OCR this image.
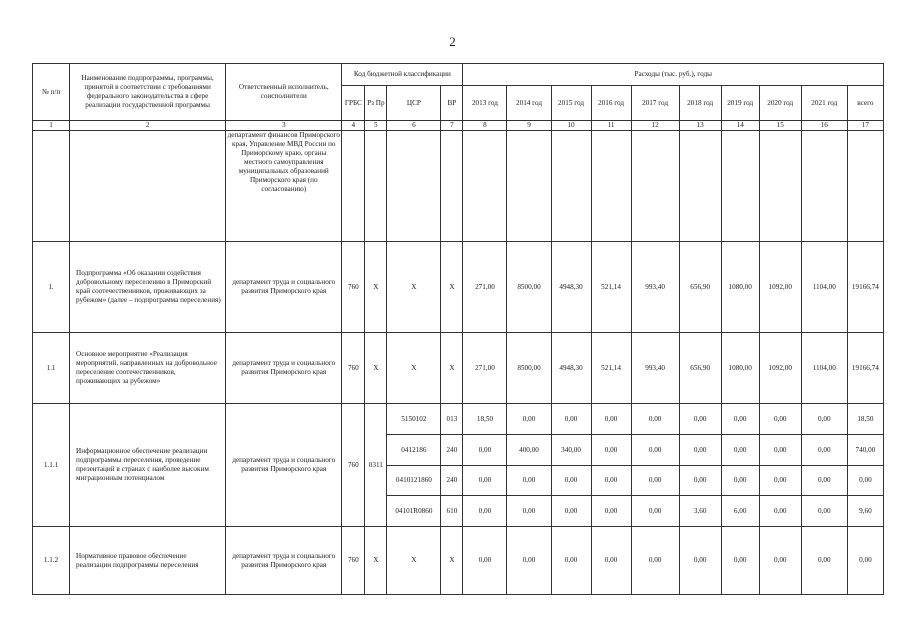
2
№ п/п	Наименование подпрограммы, программы, принятой в соответствии с требованиями федерального законодательства в сфере реализации государственной программы	Ответственный исполнитель, соисполнители	Код бюджетной классификации				Расходы (тыс. руб.), годы									
			ГРБС	Рз Пр	ЦСР	ВР	2013 год	2014 год	2015 год	2016 год	2017 год	2018 год	2019 год	2020 год	2021 год	всего
1	2	3	4	5	6	7	8	9	10	11	12	13	14	15	16	17
		департамент финансов Приморского края, Управление МВД России по Приморскому краю, органы местного самоуправления муниципальных образований Приморского края (по согласованию)														
1.	Подпрограмма «Об оказании содействия добровольному переселению в Приморский край соотечественников, проживающих за рубежом» (далее – подпрограмма переселения)	департамент труда и социального развития Приморского края	760	X	X	X	271,00	8500,00	4948,30	521,14	993,40	656,90	1080,00	1092,00	1104,00	19166,74
1.1	Основное мероприятие «Реализация мероприятий, направленных на добровольное переселение соотечественников, проживающих за рубежом»	департамент труда и социального развития Приморского края	760	X	X	X	271,00	8500,00	4948,30	521,14	993,40	656,90	1080,00	1092,00	1104,00	19166,74
1.1.1	Информационное обеспечение реализации подпрограммы переселения, проведение презентаций в странах с наиболее высоким миграционным потенциалом	департамент труда и социального развития Приморского края	760	0311	5150102	013	18,50	0,00	0,00	0,00	0,00	0,00	0,00	0,00	0,00	18,50
					0412186	240	0,00	400,00	340,00	0,00	0,00	0,00	0,00	0,00	0,00	740,00
					0410121860	240	0,00	0,00	0,00	0,00	0,00	0,00	0,00	0,00	0,00	0,00
					04101R0860	610	0,00	0,00	0,00	0,00	0,00	3,60	6,00	0,00	0,00	9,60
1.1.2	Нормативное правовое обеспечение реализации подпрограммы переселения	департамент труда и социального развития Приморского края	760	X	X	X	0,00	0,00	0,00	0,00	0,00	0,00	0,00	0,00	0,00	0,00
